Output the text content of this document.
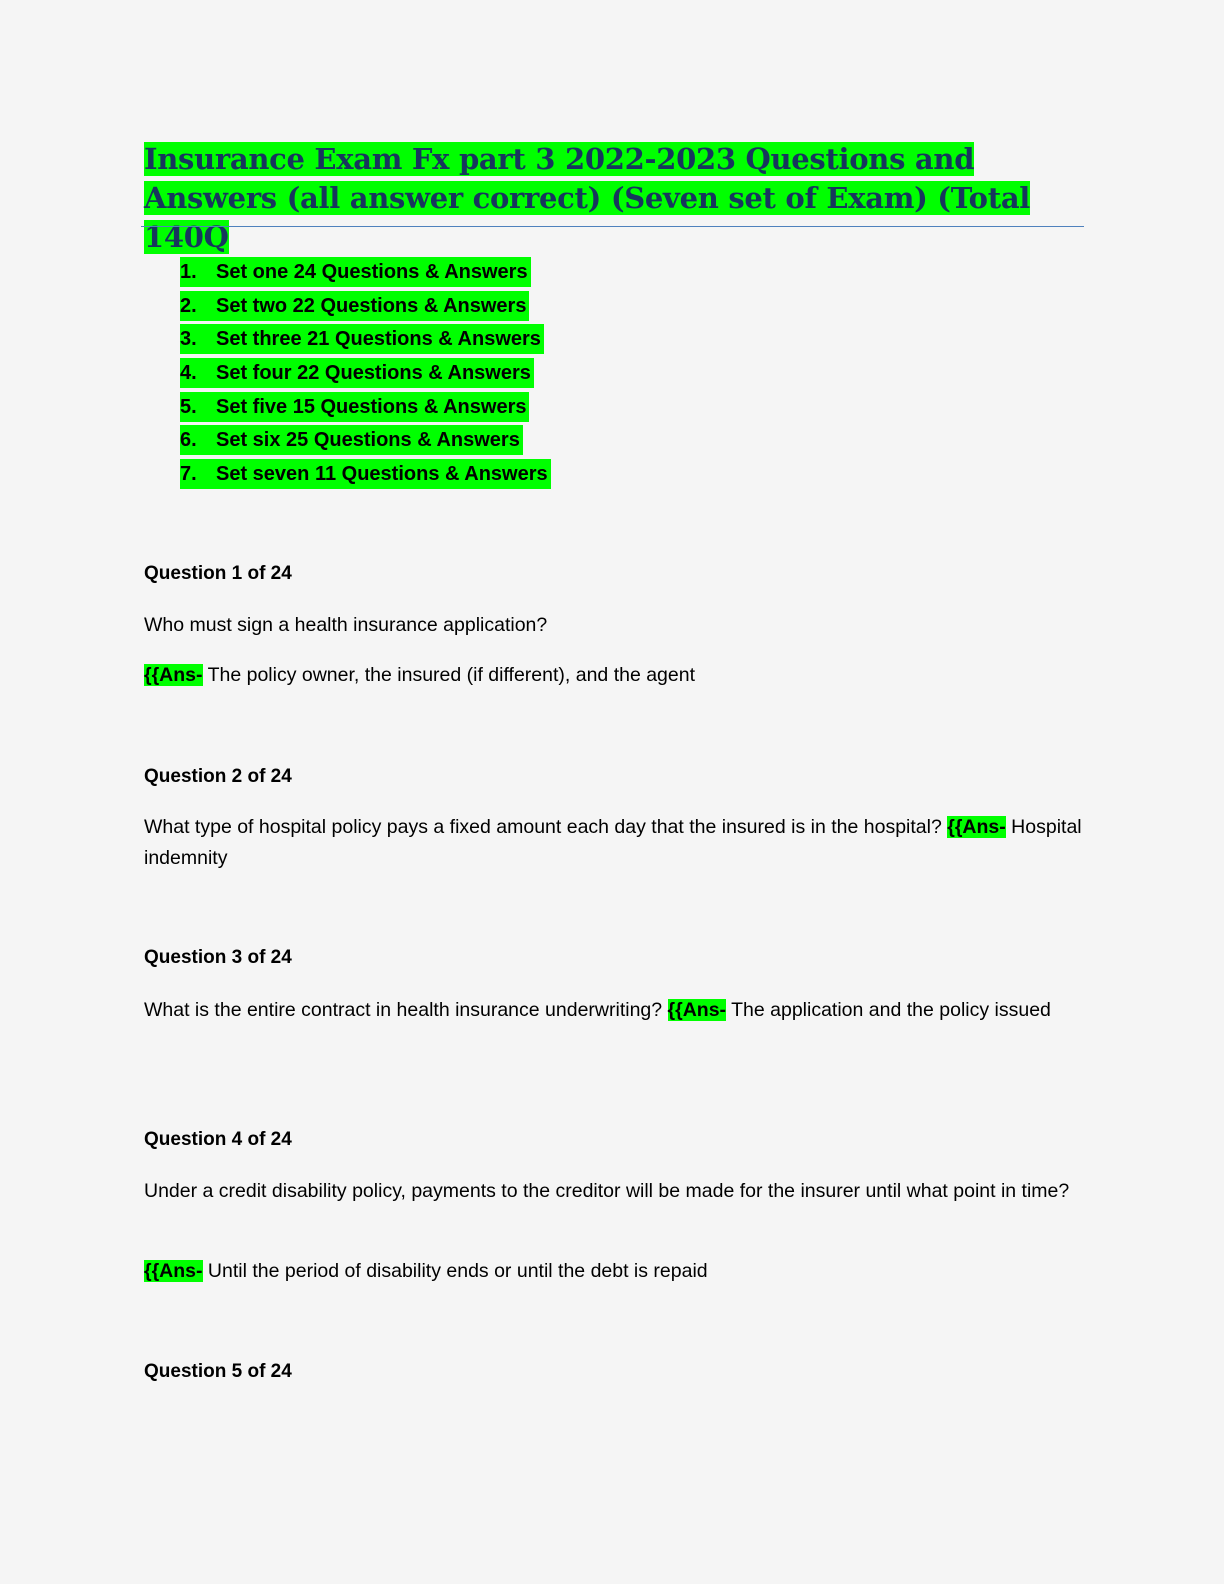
Insurance Exam Fx part 3 2022-2023 Questions and Answers (all answer correct) (Seven set of Exam) (Total 140Q
1. Set one 24 Questions & Answers
2. Set two 22 Questions & Answers
3. Set three 21 Questions & Answers
4. Set four 22 Questions & Answers
5. Set five 15 Questions & Answers
6. Set six 25 Questions & Answers
7. Set seven 11 Questions & Answers

Question 1 of 24

Who must sign a health insurance application?

{{Ans- The policy owner, the insured (if different), and the agent

Question 2 of 24

What type of hospital policy pays a fixed amount each day that the insured is in the hospital? {{Ans- Hospital indemnity

Question 3 of 24

What is the entire contract in health insurance underwriting? {{Ans- The application and the policy issued

Question 4 of 24

Under a credit disability policy, payments to the creditor will be made for the insurer until what point in time?

{{Ans- Until the period of disability ends or until the debt is repaid

Question 5 of 24
